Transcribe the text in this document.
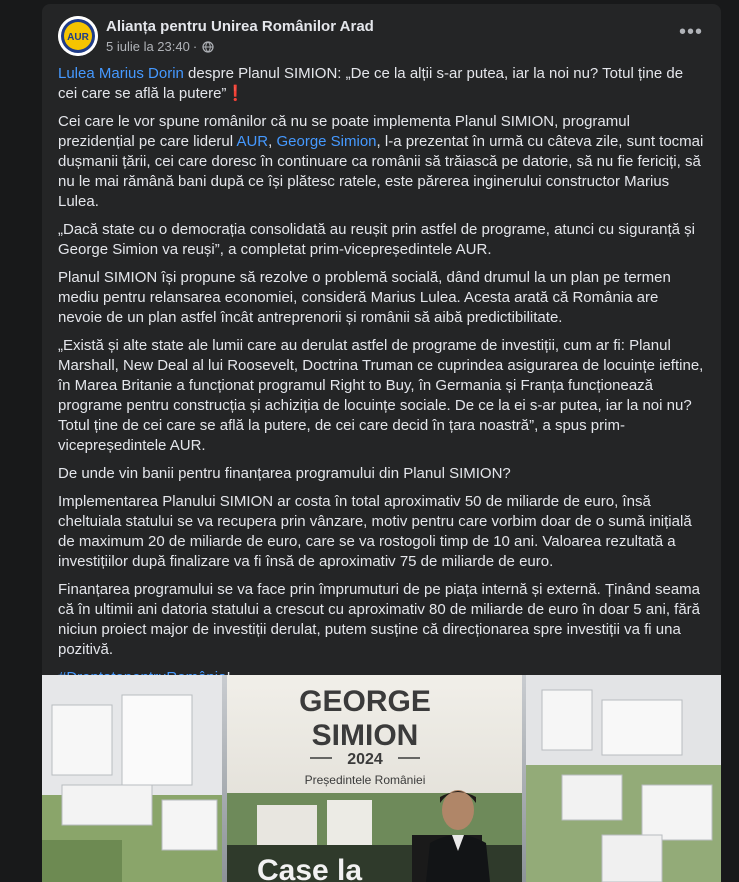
AUR
Alianța pentru Unirea Românilor Arad
5 iulie la 23:40 ·
•••

Lulea Marius Dorin despre Planul SIMION: „De ce la alții s-ar putea, iar la noi nu? Totul ține de cei care se află la putere”❗

Cei care le vor spune românilor că nu se poate implementa Planul SIMION, programul prezidențial pe care liderul AUR, George Simion, l-a prezentat în urmă cu câteva zile, sunt tocmai dușmanii țării, cei care doresc în continuare ca românii să trăiască pe datorie, să nu fie fericiți, să nu le mai rămână bani după ce își plătesc ratele, este părerea inginerului constructor Marius Lulea.

„Dacă state cu o democrația consolidată au reușit prin astfel de programe, atunci cu siguranță și George Simion va reuși”, a completat prim-vicepreședintele AUR.

Planul SIMION își propune să rezolve o problemă socială, dând drumul la un plan pe termen mediu pentru relansarea economiei, consideră Marius Lulea. Acesta arată că România are nevoie de un plan astfel încât antreprenorii și românii să aibă predictibilitate.

„Există și alte state ale lumii care au derulat astfel de programe de investiții, cum ar fi: Planul Marshall, New Deal al lui Roosevelt, Doctrina Truman ce cuprindea asigurarea de locuințe ieftine, în Marea Britanie a funcționat programul Right to Buy, în Germania și Franța funcționează programe pentru construcția și achiziția de locuințe sociale. De ce la ei s-ar putea, iar la noi nu? Totul ține de cei care se află la putere, de cei care decid în țara noastră”, a spus prim-vicepreședintele AUR.

De unde vin banii pentru finanțarea programului din Planul SIMION?

Implementarea Planului SIMION ar costa în total aproximativ 50 de miliarde de euro, însă cheltuiala statului se va recupera prin vânzare, motiv pentru care vorbim doar de o sumă inițială de maximum 20 de miliarde de euro, care se va rostogoli timp de 10 ani. Valoarea rezultată a investițiilor după finalizare va fi însă de aproximativ 75 de miliarde de euro.

Finanțarea programului se va face prin împrumuturi de pe piața internă și externă. Ținând seama că în ultimii ani datoria statului a crescut cu aproximativ 80 de miliarde de euro în doar 5 ani, fără niciun proiect major de investiții derulat, putem susține că direcționarea spre investiții va fi una pozitivă.

GEORGE
SIMION
2024
Președintele României
Case la
